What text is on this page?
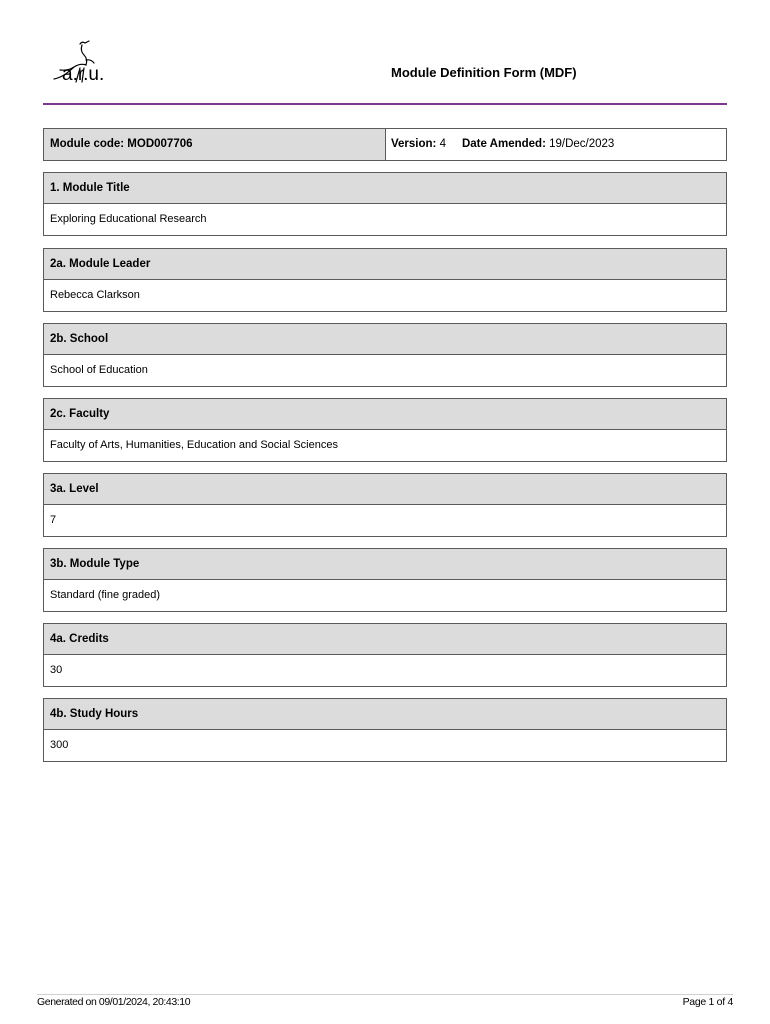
a.r.u.	Module Definition Form (MDF)
Module code: MOD007706	Version: 4 Date Amended: 19/Dec/2023
1. Module Title
Exploring Educational Research
2a. Module Leader
Rebecca Clarkson
2b. School
School of Education
2c. Faculty
Faculty of Arts, Humanities, Education and Social Sciences
3a. Level
7
3b. Module Type
Standard (fine graded)
4a. Credits
30
4b. Study Hours
300
Generated on 09/01/2024, 20:43:10	Page 1 of 4
